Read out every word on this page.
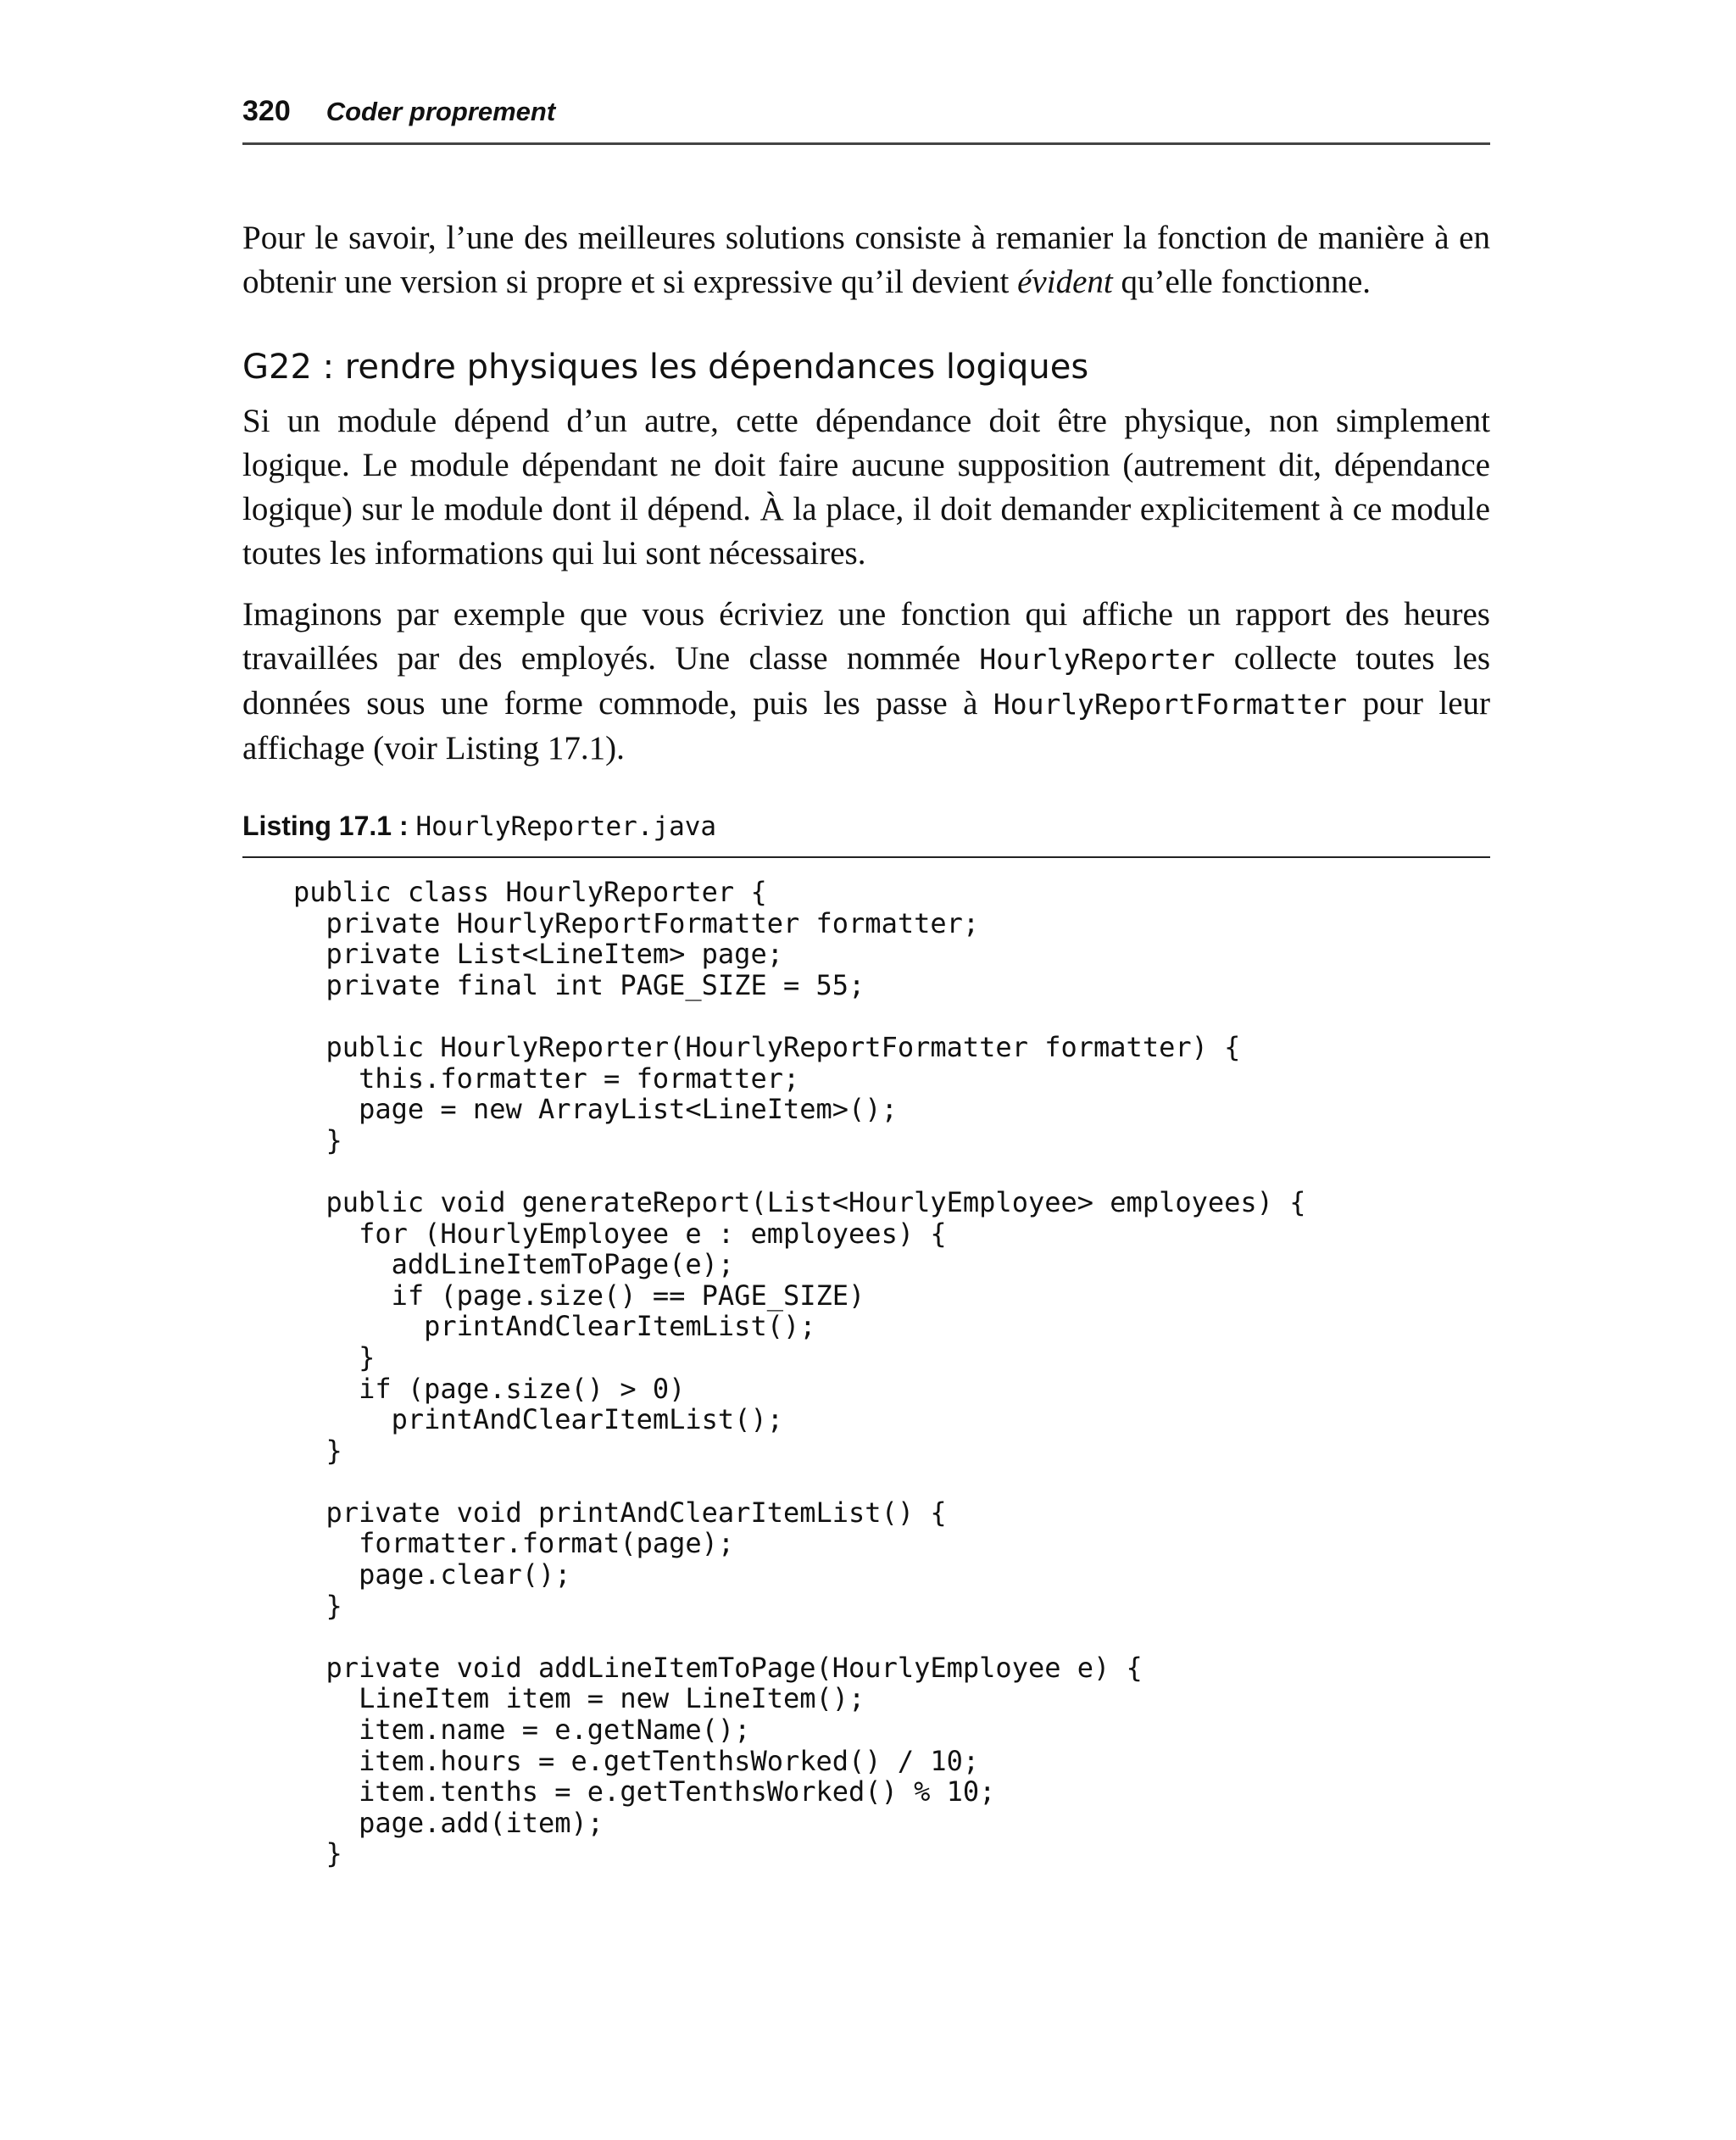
320 Coder proprement

Pour le savoir, l’une des meilleures solutions consiste à remanier la fonction de manière à en obtenir une version si propre et si expressive qu’il devient évident qu’elle fonctionne.

G22 : rendre physiques les dépendances logiques

Si un module dépend d’un autre, cette dépendance doit être physique, non simplement logique. Le module dépendant ne doit faire aucune supposition (autrement dit, dépendance logique) sur le module dont il dépend. À la place, il doit demander explicitement à ce module toutes les informations qui lui sont nécessaires.

Imaginons par exemple que vous écriviez une fonction qui affiche un rapport des heures travaillées par des employés. Une classe nommée HourlyReporter collecte toutes les données sous une forme commode, puis les passe à HourlyReportFormatter pour leur affichage (voir Listing 17.1).

Listing 17.1 : HourlyReporter.java
public class HourlyReporter {
private HourlyReportFormatter formatter;
private List<LineItem> page;
private final int PAGE_SIZE = 55;

public HourlyReporter(HourlyReportFormatter formatter) {
this.formatter = formatter;
page = new ArrayList<LineItem>();
}

public void generateReport(List<HourlyEmployee> employees) {
for (HourlyEmployee e : employees) {
addLineItemToPage(e);
if (page.size() == PAGE_SIZE)
printAndClearItemList();
}
if (page.size() > 0)
printAndClearItemList();
}

private void printAndClearItemList() {
formatter.format(page);
page.clear();
}

private void addLineItemToPage(HourlyEmployee e) {
LineItem item = new LineItem();
item.name = e.getName();
item.hours = e.getTenthsWorked() / 10;
item.tenths = e.getTenthsWorked() % 10;
page.add(item);
}
